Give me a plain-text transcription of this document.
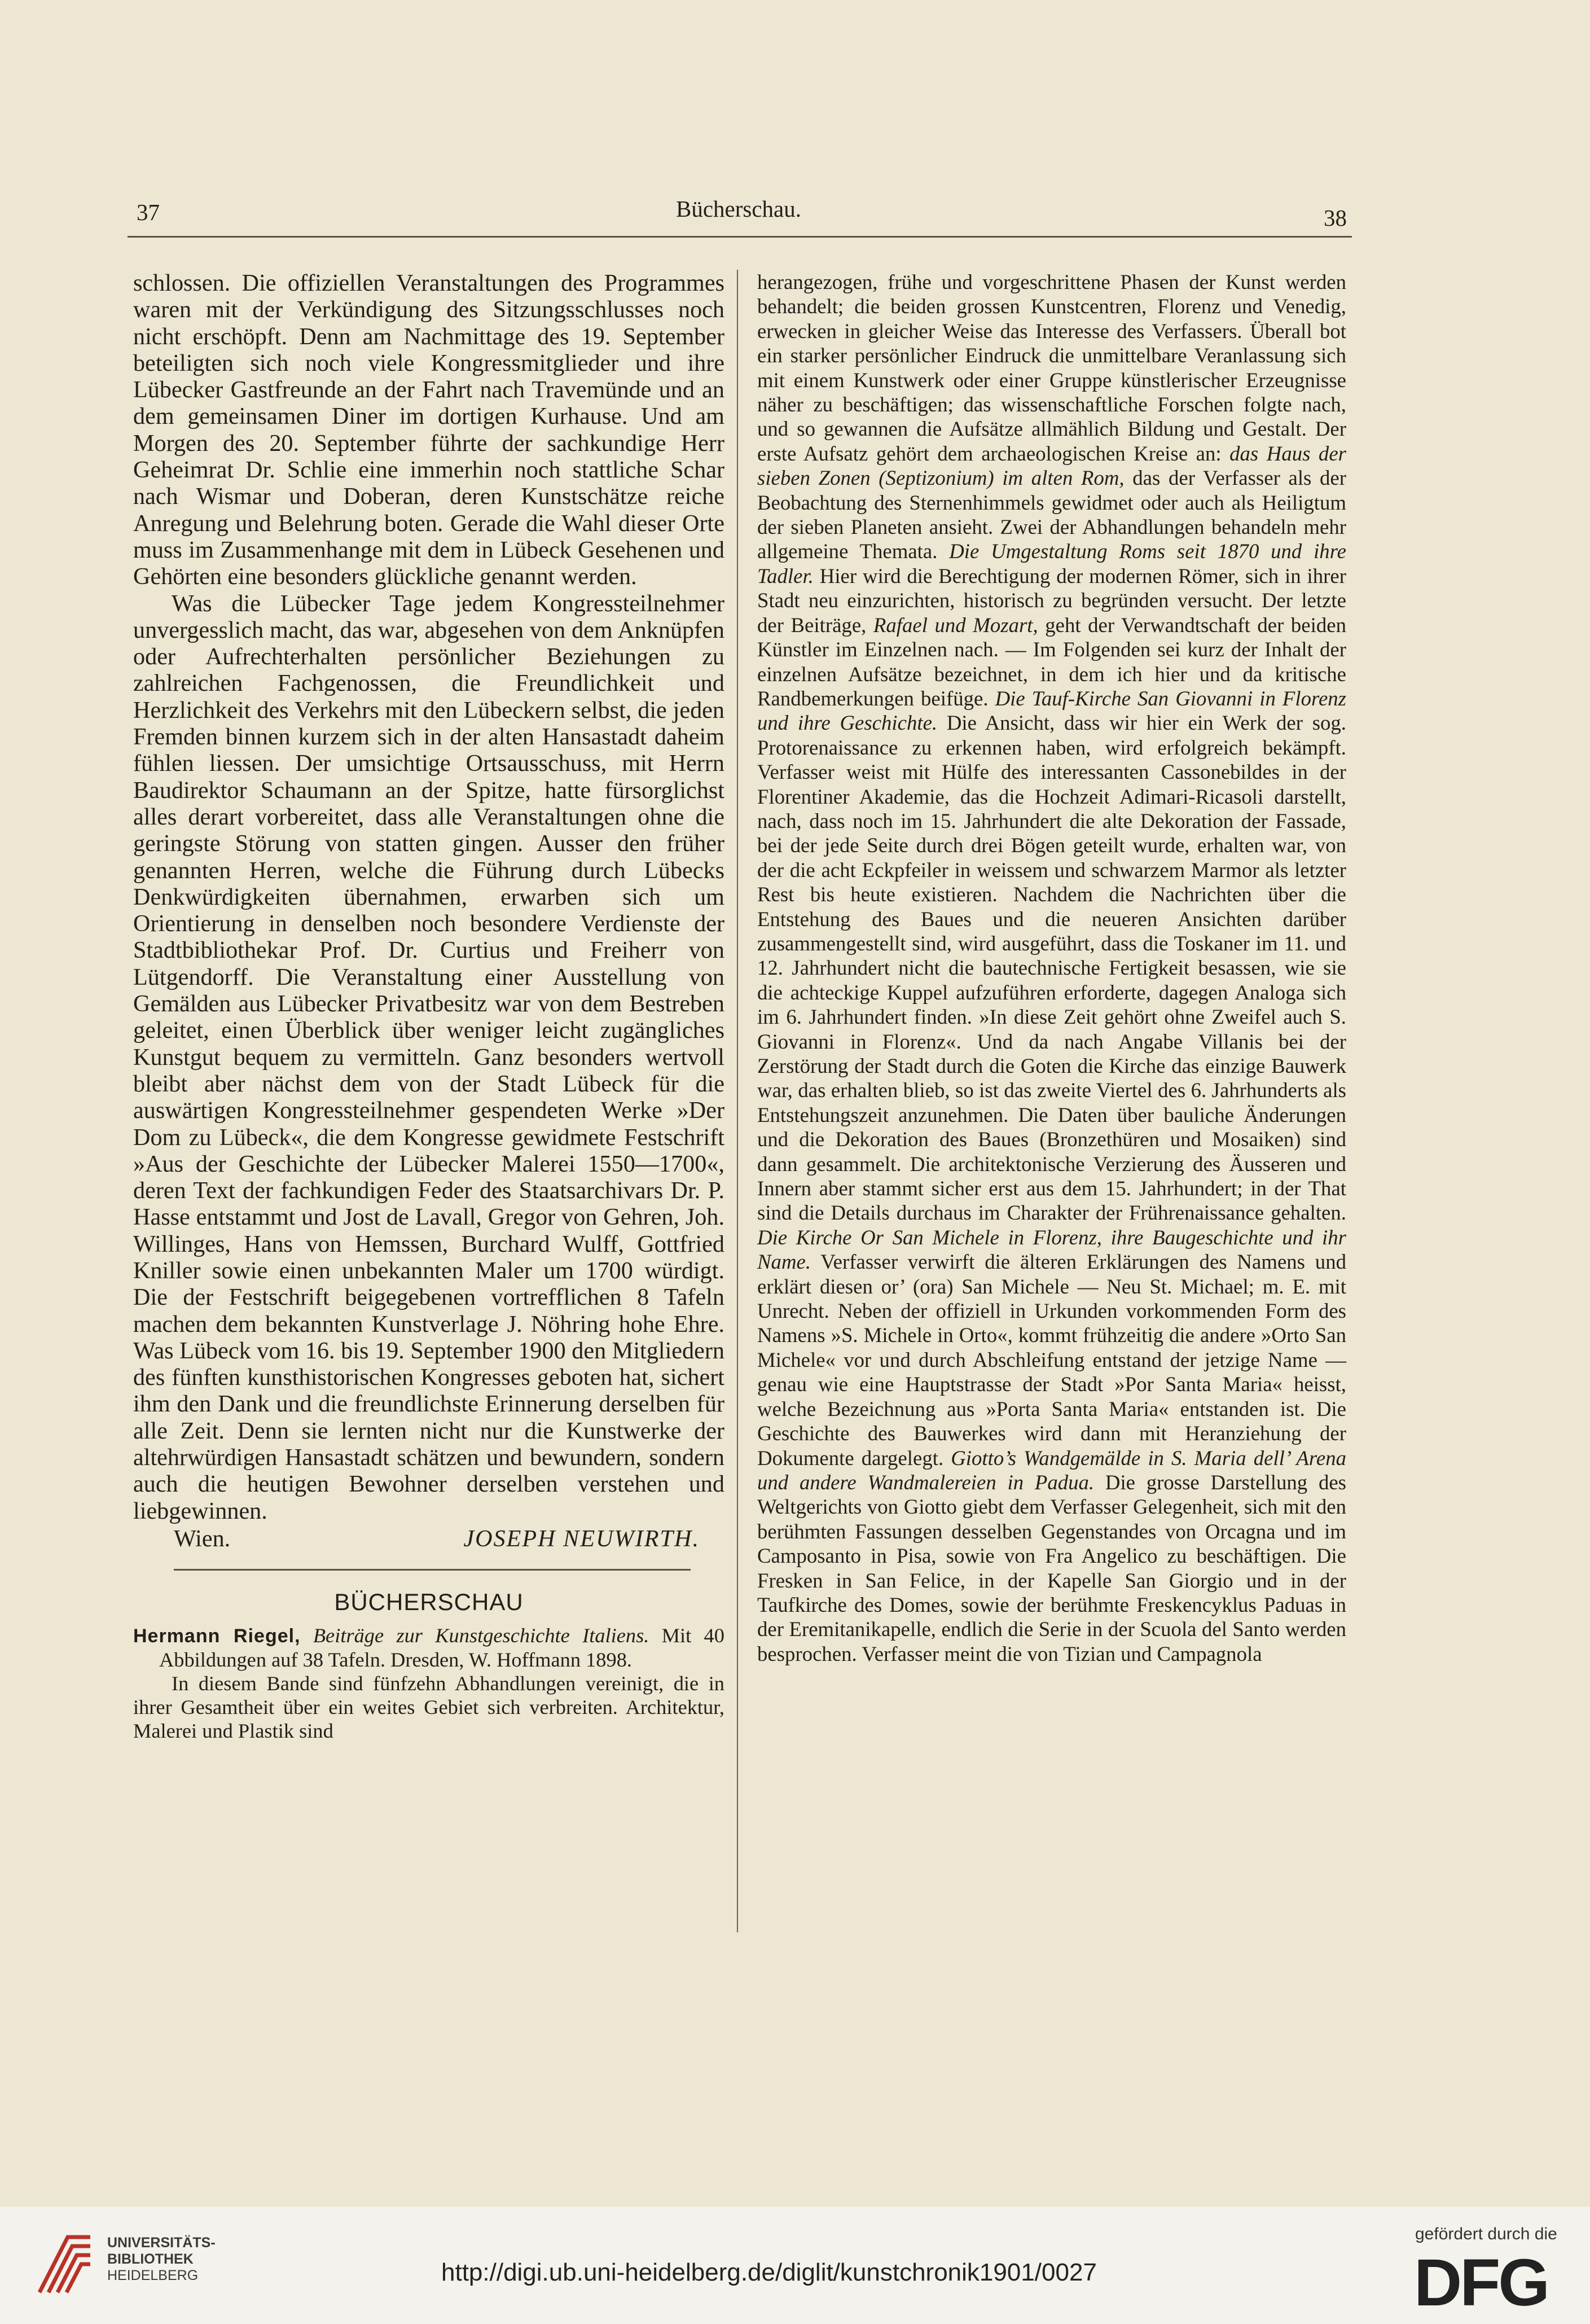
37	Bücherschau.	38

schlossen. Die offiziellen Veranstaltungen des Programmes waren mit der Verkündigung des Sitzungsschlusses noch nicht erschöpft. Denn am Nachmittage des 19. September beteiligten sich noch viele Kongressmitglieder und ihre Lübecker Gastfreunde an der Fahrt nach Travemünde und an dem gemeinsamen Diner im dortigen Kurhause. Und am Morgen des 20. September führte der sachkundige Herr Geheimrat Dr. Schlie eine immerhin noch stattliche Schar nach Wismar und Doberan, deren Kunstschätze reiche Anregung und Belehrung boten. Gerade die Wahl dieser Orte muss im Zusammenhange mit dem in Lübeck Gesehenen und Gehörten eine besonders glückliche genannt werden.

Was die Lübecker Tage jedem Kongressteilnehmer unvergesslich macht, das war, abgesehen von dem Anknüpfen oder Aufrechterhalten persönlicher Beziehungen zu zahlreichen Fachgenossen, die Freundlichkeit und Herzlichkeit des Verkehrs mit den Lübeckern selbst, die jeden Fremden binnen kurzem sich in der alten Hansastadt daheim fühlen liessen. Der umsichtige Ortsausschuss, mit Herrn Baudirektor Schaumann an der Spitze, hatte fürsorglichst alles derart vorbereitet, dass alle Veranstaltungen ohne die geringste Störung von statten gingen. Ausser den früher genannten Herren, welche die Führung durch Lübecks Denkwürdigkeiten übernahmen, erwarben sich um Orientierung in denselben noch besondere Verdienste der Stadtbibliothekar Prof. Dr. Curtius und Freiherr von Lütgendorff. Die Veranstaltung einer Ausstellung von Gemälden aus Lübecker Privatbesitz war von dem Bestreben geleitet, einen Überblick über weniger leicht zugängliches Kunstgut bequem zu vermitteln. Ganz besonders wertvoll bleibt aber nächst dem von der Stadt Lübeck für die auswärtigen Kongressteilnehmer gespendeten Werke »Der Dom zu Lübeck«, die dem Kongresse gewidmete Festschrift »Aus der Geschichte der Lübecker Malerei 1550—1700«, deren Text der fachkundigen Feder des Staatsarchivars Dr. P. Hasse entstammt und Jost de Lavall, Gregor von Gehren, Joh. Willinges, Hans von Hemssen, Burchard Wulff, Gottfried Kniller sowie einen unbekannten Maler um 1700 würdigt. Die der Festschrift beigegebenen vortrefflichen 8 Tafeln machen dem bekannten Kunstverlage J. Nöhring hohe Ehre. Was Lübeck vom 16. bis 19. September 1900 den Mitgliedern des fünften kunsthistorischen Kongresses geboten hat, sichert ihm den Dank und die freundlichste Erinnerung derselben für alle Zeit. Denn sie lernten nicht nur die Kunstwerke der altehrwürdigen Hansastadt schätzen und bewundern, sondern auch die heutigen Bewohner derselben verstehen und liebgewinnen.

Wien.	JOSEPH NEUWIRTH.
BÜCHERSCHAU

Hermann Riegel, Beiträge zur Kunstgeschichte Italiens. Mit 40 Abbildungen auf 38 Tafeln. Dresden, W. Hoffmann 1898.

In diesem Bande sind fünfzehn Abhandlungen vereinigt, die in ihrer Gesamtheit über ein weites Gebiet sich verbreiten. Architektur, Malerei und Plastik sind

herangezogen, frühe und vorgeschrittene Phasen der Kunst werden behandelt; die beiden grossen Kunstcentren, Florenz und Venedig, erwecken in gleicher Weise das Interesse des Verfassers. Überall bot ein starker persönlicher Eindruck die unmittelbare Veranlassung sich mit einem Kunstwerk oder einer Gruppe künstlerischer Erzeugnisse näher zu beschäftigen; das wissenschaftliche Forschen folgte nach, und so gewannen die Aufsätze allmählich Bildung und Gestalt. Der erste Aufsatz gehört dem archaeologischen Kreise an: das Haus der sieben Zonen (Septizonium) im alten Rom, das der Verfasser als der Beobachtung des Sternenhimmels gewidmet oder auch als Heiligtum der sieben Planeten ansieht. Zwei der Abhandlungen behandeln mehr allgemeine Themata. Die Umgestaltung Roms seit 1870 und ihre Tadler. Hier wird die Berechtigung der modernen Römer, sich in ihrer Stadt neu einzurichten, historisch zu begründen versucht. Der letzte der Beiträge, Rafael und Mozart, geht der Verwandtschaft der beiden Künstler im Einzelnen nach. — Im Folgenden sei kurz der Inhalt der einzelnen Aufsätze bezeichnet, in dem ich hier und da kritische Randbemerkungen beifüge. Die Tauf-Kirche San Giovanni in Florenz und ihre Geschichte. Die Ansicht, dass wir hier ein Werk der sog. Protorenaissance zu erkennen haben, wird erfolgreich bekämpft. Verfasser weist mit Hülfe des interessanten Cassonebildes in der Florentiner Akademie, das die Hochzeit Adimari-Ricasoli darstellt, nach, dass noch im 15. Jahrhundert die alte Dekoration der Fassade, bei der jede Seite durch drei Bögen geteilt wurde, erhalten war, von der die acht Eckpfeiler in weissem und schwarzem Marmor als letzter Rest bis heute existieren. Nachdem die Nachrichten über die Entstehung des Baues und die neueren Ansichten darüber zusammengestellt sind, wird ausgeführt, dass die Toskaner im 11. und 12. Jahrhundert nicht die bautechnische Fertigkeit besassen, wie sie die achteckige Kuppel aufzuführen erforderte, dagegen Analoga sich im 6. Jahrhundert finden. »In diese Zeit gehört ohne Zweifel auch S. Giovanni in Florenz«. Und da nach Angabe Villanis bei der Zerstörung der Stadt durch die Goten die Kirche das einzige Bauwerk war, das erhalten blieb, so ist das zweite Viertel des 6. Jahrhunderts als Entstehungszeit anzunehmen. Die Daten über bauliche Änderungen und die Dekoration des Baues (Bronzethüren und Mosaiken) sind dann gesammelt. Die architektonische Verzierung des Äusseren und Innern aber stammt sicher erst aus dem 15. Jahrhundert; in der That sind die Details durchaus im Charakter der Frührenaissance gehalten. Die Kirche Or San Michele in Florenz, ihre Baugeschichte und ihr Name. Verfasser verwirft die älteren Erklärungen des Namens und erklärt diesen or’ (ora) San Michele — Neu St. Michael; m. E. mit Unrecht. Neben der offiziell in Urkunden vorkommenden Form des Namens »S. Michele in Orto«, kommt frühzeitig die andere »Orto San Michele« vor und durch Abschleifung entstand der jetzige Name — genau wie eine Hauptstrasse der Stadt »Por Santa Maria« heisst, welche Bezeichnung aus »Porta Santa Maria« entstanden ist. Die Geschichte des Bauwerkes wird dann mit Heranziehung der Dokumente dargelegt. Giotto’s Wandgemälde in S. Maria dell’ Arena und andere Wandmalereien in Padua. Die grosse Darstellung des Weltgerichts von Giotto giebt dem Verfasser Gelegenheit, sich mit den berühmten Fassungen desselben Gegenstandes von Orcagna und im Camposanto in Pisa, sowie von Fra Angelico zu beschäftigen. Die Fresken in San Felice, in der Kapelle San Giorgio und in der Taufkirche des Domes, sowie der berühmte Freskencyklus Paduas in der Eremitanikapelle, endlich die Serie in der Scuola del Santo werden besprochen. Verfasser meint die von Tizian und Campagnola

UNIVERSITÄTS-
BIBLIOTHEK
HEIDELBERG	http://digi.ub.uni-heidelberg.de/diglit/kunstchronik1901/0027
gefördert durch die
DFG
